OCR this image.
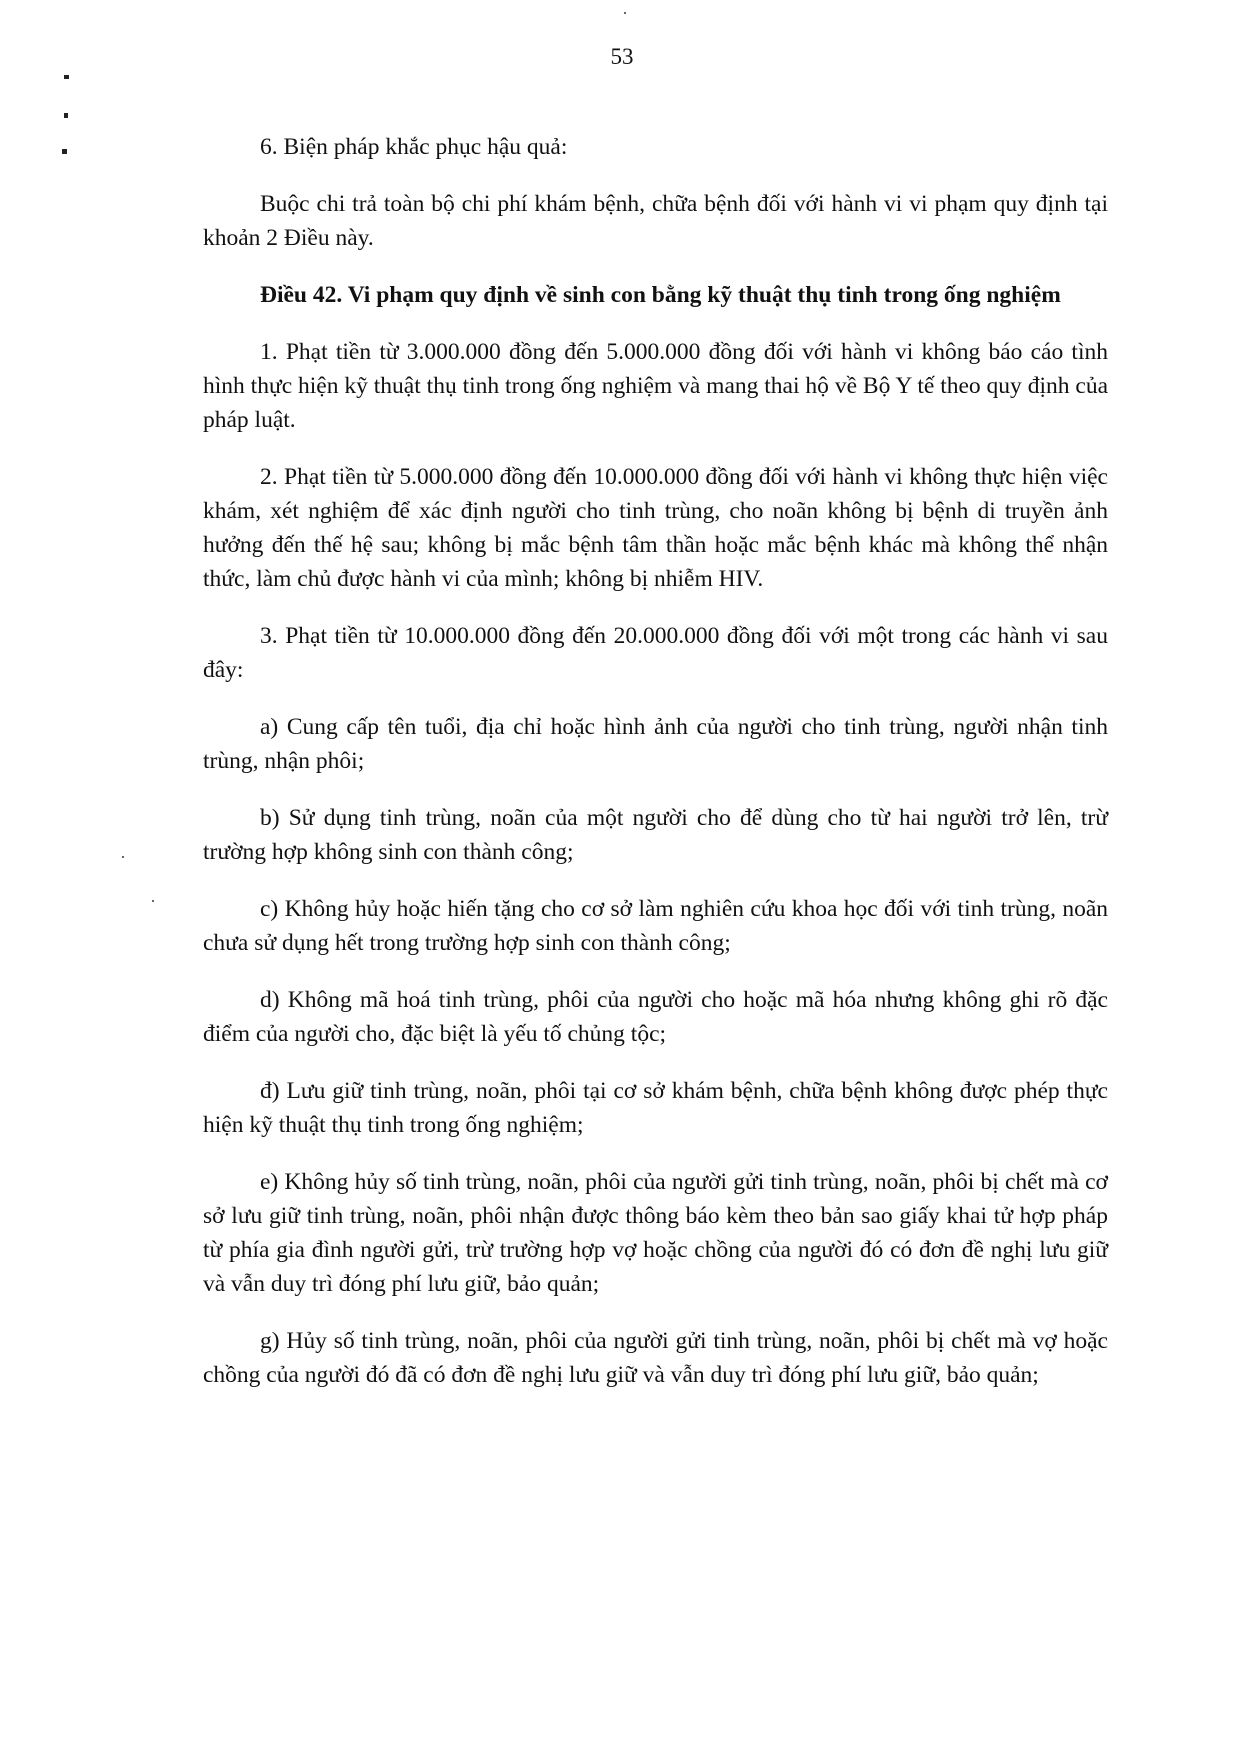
53

6. Biện pháp khắc phục hậu quả:

Buộc chi trả toàn bộ chi phí khám bệnh, chữa bệnh đối với hành vi vi phạm quy định tại khoản 2 Điều này.

Điều 42. Vi phạm quy định về sinh con bằng kỹ thuật thụ tinh trong ống nghiệm

1. Phạt tiền từ 3.000.000 đồng đến 5.000.000 đồng đối với hành vi không báo cáo tình hình thực hiện kỹ thuật thụ tinh trong ống nghiệm và mang thai hộ về Bộ Y tế theo quy định của pháp luật.

2. Phạt tiền từ 5.000.000 đồng đến 10.000.000 đồng đối với hành vi không thực hiện việc khám, xét nghiệm để xác định người cho tinh trùng, cho noãn không bị bệnh di truyền ảnh hưởng đến thế hệ sau; không bị mắc bệnh tâm thần hoặc mắc bệnh khác mà không thể nhận thức, làm chủ được hành vi của mình; không bị nhiễm HIV.

3. Phạt tiền từ 10.000.000 đồng đến 20.000.000 đồng đối với một trong các hành vi sau đây:

a) Cung cấp tên tuổi, địa chỉ hoặc hình ảnh của người cho tinh trùng, người nhận tinh trùng, nhận phôi;

b) Sử dụng tinh trùng, noãn của một người cho để dùng cho từ hai người trở lên, trừ trường hợp không sinh con thành công;

c) Không hủy hoặc hiến tặng cho cơ sở làm nghiên cứu khoa học đối với tinh trùng, noãn chưa sử dụng hết trong trường hợp sinh con thành công;

d) Không mã hoá tinh trùng, phôi của người cho hoặc mã hóa nhưng không ghi rõ đặc điểm của người cho, đặc biệt là yếu tố chủng tộc;

đ) Lưu giữ tinh trùng, noãn, phôi tại cơ sở khám bệnh, chữa bệnh không được phép thực hiện kỹ thuật thụ tinh trong ống nghiệm;

e) Không hủy số tinh trùng, noãn, phôi của người gửi tinh trùng, noãn, phôi bị chết mà cơ sở lưu giữ tinh trùng, noãn, phôi nhận được thông báo kèm theo bản sao giấy khai tử hợp pháp từ phía gia đình người gửi, trừ trường hợp vợ hoặc chồng của người đó có đơn đề nghị lưu giữ và vẫn duy trì đóng phí lưu giữ, bảo quản;

g) Hủy số tinh trùng, noãn, phôi của người gửi tinh trùng, noãn, phôi bị chết mà vợ hoặc chồng của người đó đã có đơn đề nghị lưu giữ và vẫn duy trì đóng phí lưu giữ, bảo quản;
